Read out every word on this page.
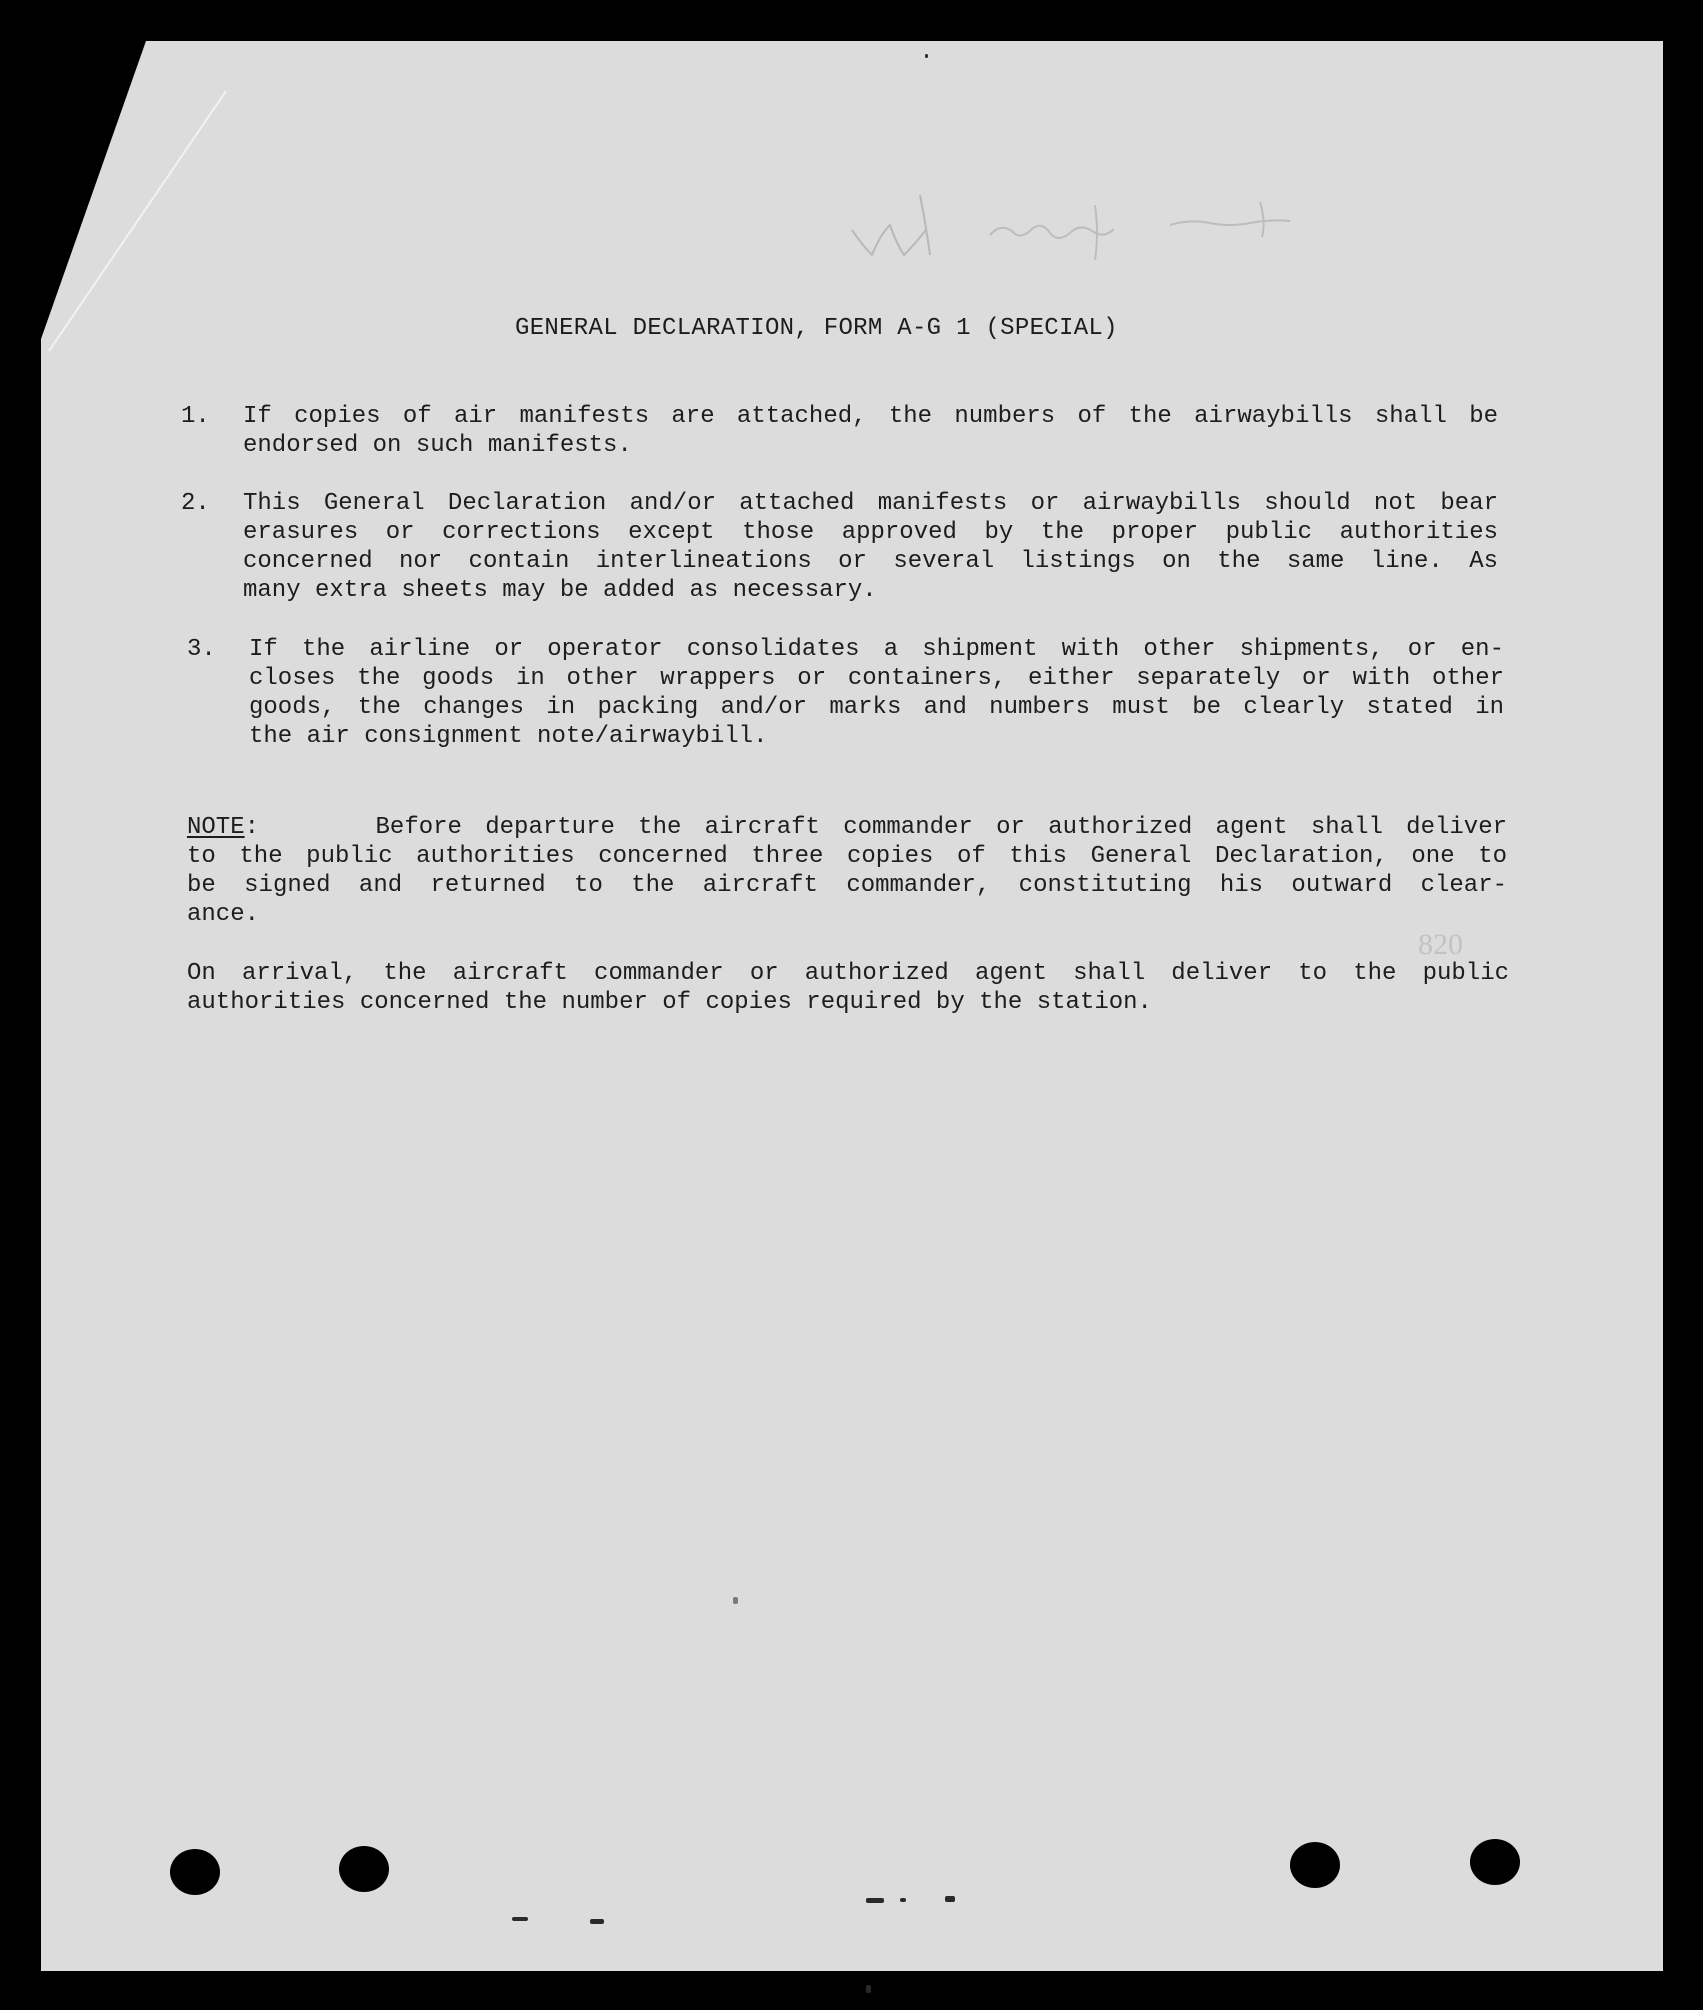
GENERAL DECLARATION, FORM A-G 1 (SPECIAL)
1. If copies of air manifests are attached, the numbers of the airwaybills shall be
endorsed on such manifests.
2. This General Declaration and/or attached manifests or airwaybills should not bear
erasures or corrections except those approved by the proper public authorities
concerned nor contain interlineations or several listings on the same line. As
many extra sheets may be added as necessary.
3. If the airline or operator consolidates a shipment with other shipments, or en-
closes the goods in other wrappers or containers, either separately or with other
goods, the changes in packing and/or marks and numbers must be clearly stated in
the air consignment note/airwaybill.
NOTE:	Before departure the aircraft commander or authorized agent shall deliver
to the public authorities concerned three copies of this General Declaration, one to
be signed and returned to the aircraft commander, constituting his outward clear-
ance.
On arrival, the aircraft commander or authorized agent shall deliver to the public
authorities concerned the number of copies required by the station.
820
